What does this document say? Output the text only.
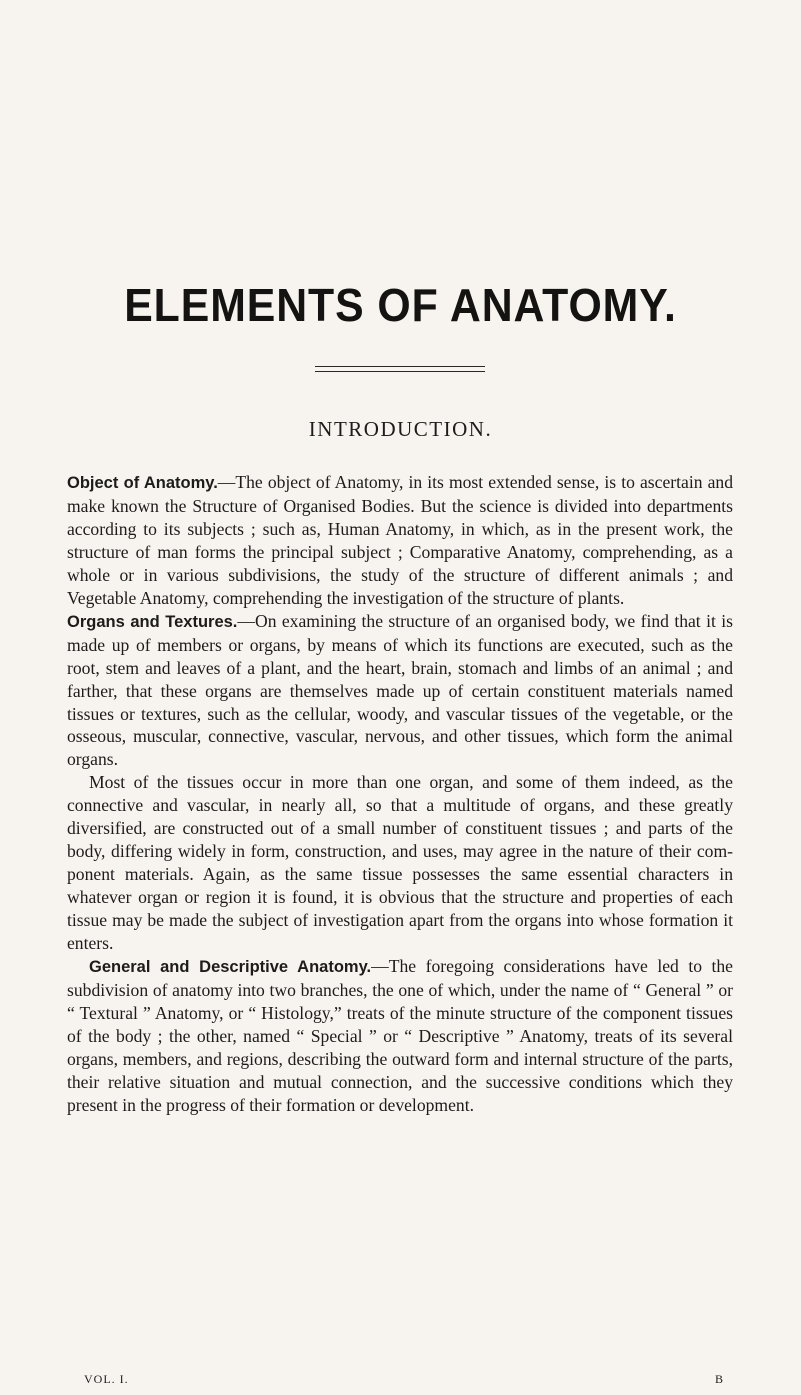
ELEMENTS OF ANATOMY.
INTRODUCTION.

Object of Anatomy.—The object of Anatomy, in its most extended sense, is to ascertain and make known the Structure of Organised Bodies. But the science is divided into departments according to its subjects ; such as, Human Anatomy, in which, as in the present work, the structure of man forms the principal subject ; Comparative Anatomy, comprehending, as a whole or in various subdivisions, the study of the structure of different animals ; and Vegetable Anatomy, comprehending the investigation of the structure of plants.

Organs and Textures.—On examining the structure of an organised body, we find that it is made up of members or organs, by means of which its functions are executed, such as the root, stem and leaves of a plant, and the heart, brain, stomach and limbs of an animal ; and farther, that these organs are themselves made up of certain constituent materials named tissues or textures, such as the cellular, woody, and vascular tissues of the vegetable, or the osseous, muscular, connective, vascular, nervous, and other tissues, which form the animal organs.

Most of the tissues occur in more than one organ, and some of them indeed, as the connective and vascular, in nearly all, so that a multitude of organs, and these greatly diversified, are constructed out of a small number of constituent tissues ; and parts of the body, differing widely in form, construction, and uses, may agree in the nature of their component materials. Again, as the same tissue possesses the same essential characters in whatever organ or region it is found, it is obvious that the structure and properties of each tissue may be made the subject of investigation apart from the organs into whose formation it enters.

General and Descriptive Anatomy.—The foregoing considerations have led to the subdivision of anatomy into two branches, the one of which, under the name of “ General ” or “ Textural ” Anatomy, or “ Histology,” treats of the minute structure of the component tissues of the body ; the other, named “ Special ” or “ Descriptive ” Anatomy, treats of its several organs, members, and regions, describing the outward form and internal structure of the parts, their relative situation and mutual connection, and the successive conditions which they present in the progress of their formation or development.

VOL. I.	B
